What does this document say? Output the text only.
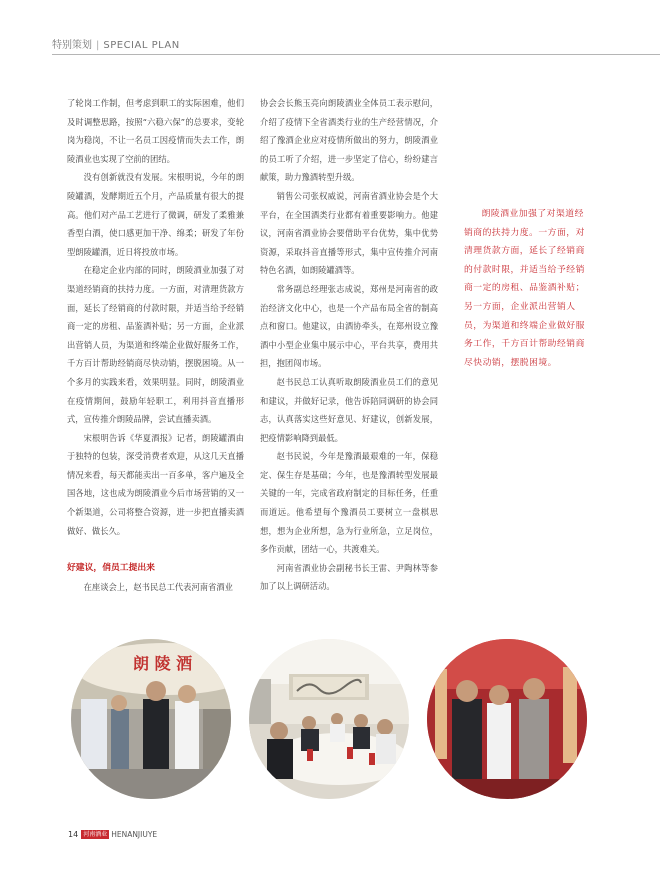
特别策划 | SPECIAL PLAN

了轮岗工作制，但考虑到职工的实际困难，他们及时调整思路，按照“六稳六保”的总要求，变轮岗为稳岗，不让一名员工因疫情而失去工作，朗陵酒业也实现了空前的团结。

没有创新就没有发展。宋根明说，今年的朗陵罐酒，发酵期近五个月，产品质量有很大的提高。他们对产品工艺进行了微调，研发了柔雅兼香型白酒，使口感更加干净、绵柔；研发了年份型朗陵罐酒，近日将投放市场。

在稳定企业内部的同时，朗陵酒业加强了对渠道经销商的扶持力度。一方面，对清理货款方面，延长了经销商的付款时限，并适当给予经销商一定的房租、品鉴酒补贴；另一方面，企业派出营销人员，为渠道和终端企业做好服务工作，千方百计帮助经销商尽快动销，摆脱困境。从一个多月的实践来看，效果明显。同时，朗陵酒业在疫情期间，鼓励年轻职工，利用抖音直播形式，宣传推介朗陵品牌，尝试直播卖酒。

宋根明告诉《华夏酒报》记者，朗陵罐酒由于独特的包装，深受消费者欢迎，从这几天直播情况来看，每天都能卖出一百多单，客户遍及全国各地，这也成为朗陵酒业今后市场营销的又一个新渠道，公司将整合资源，进一步把直播卖酒做好、做长久。

好建议，俏员工提出来

在座谈会上，赵书民总工代表河南省酒业

协会会长熊玉亮向朗陵酒业全体员工表示慰问，介绍了疫情下全省酒类行业的生产经营情况，介绍了豫酒企业应对疫情所做出的努力，朗陵酒业的员工听了介绍，进一步坚定了信心，纷纷建言献策，助力豫酒转型升级。

销售公司张权威说，河南省酒业协会是个大平台，在全国酒类行业都有着重要影响力。他建议，河南省酒业协会要借助平台优势，集中优势资源，采取抖音直播等形式，集中宣传推介河南特色名酒，如朗陵罐酒等。

常务副总经理张志成说，郑州是河南省的政治经济文化中心，也是一个产品布局全省的制高点和窗口。他建议，由酒协牵头，在郑州设立豫酒中小型企业集中展示中心，平台共享，费用共担，抱团闯市场。

赵书民总工认真听取朗陵酒业员工们的意见和建议，并做好记录，他告诉陪同调研的协会同志，认真落实这些好意见、好建议，创新发展，把疫情影响降到最低。

赵书民说，今年是豫酒最艰难的一年，保稳定、保生存是基础；今年，也是豫酒转型发展最关键的一年，完成省政府制定的目标任务，任重而道远。他希望每个豫酒员工要树立一盘棋思想，想为企业所想，急为行业所急，立足岗位，多作贡献，团结一心，共渡难关。

河南省酒业协会副秘书长王雷、尹陶林等参加了以上调研活动。

朗陵酒业加强了对渠道经销商的扶持力度。一方面，对清理货款方面，延长了经销商的付款时限，并适当给予经销商一定的房租、品鉴酒补贴；另一方面，企业派出营销人员，为渠道和终端企业做好服务工作，千方百计帮助经销商尽快动销，摆脱困境。

朗 陵 酒
14 河南酒业 HENANJIUYE
